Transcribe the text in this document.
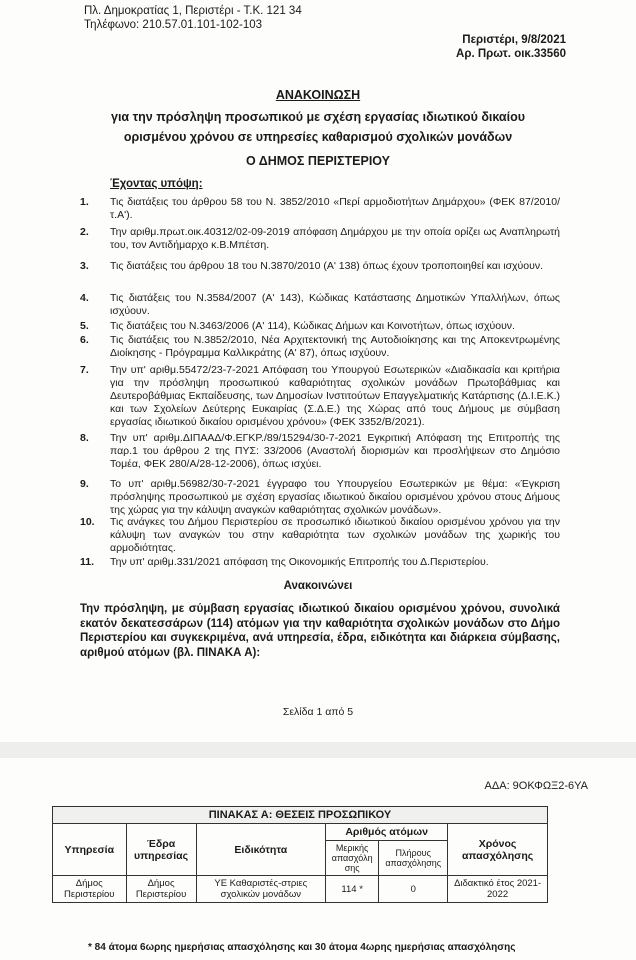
Πλ. Δημοκρατίας 1, Περιστέρι - Τ.Κ. 121 34
Τηλέφωνο: 210.57.01.101-102-103
Περιστέρι, 9/8/2021
Αρ. Πρωτ. οικ.33560
ΑΝΑΚΟΙΝΩΣΗ
για την πρόσληψη προσωπικού με σχέση εργασίας ιδιωτικού δικαίου
ορισμένου χρόνου σε υπηρεσίες καθαρισμού σχολικών μονάδων
Ο ΔΗΜΟΣ ΠΕΡΙΣΤΕΡΙΟΥ
Έχοντας υπόψη:
1.	Τις διατάξεις του άρθρου 58 του Ν. 3852/2010 «Περί αρμοδιοτήτων Δημάρχου» (ΦΕΚ 87/2010/τ.Α').
2.	Την αριθμ.πρωτ.οικ.40312/02-09-2019 απόφαση Δημάρχου με την οποία ορίζει ως Αναπληρωτή του, τον Αντιδήμαρχο κ.Β.Μπέτση.
3.	Τις διατάξεις του άρθρου 18 του Ν.3870/2010 (Α' 138) όπως έχουν τροποποιηθεί και ισχύουν.
4.	Τις διατάξεις του Ν.3584/2007 (Α' 143), Κώδικας Κατάστασης Δημοτικών Υπαλλήλων, όπως ισχύουν.
5.	Τις διατάξεις του Ν.3463/2006 (Α' 114), Κώδικας Δήμων και Κοινοτήτων, όπως ισχύουν.
6.	Τις διατάξεις του Ν.3852/2010, Νέα Αρχιτεκτονική της Αυτοδιοίκησης και της Αποκεντρωμένης Διοίκησης - Πρόγραμμα Καλλικράτης (Α' 87), όπως ισχύουν.
7.	Την υπ' αριθμ.55472/23-7-2021 Απόφαση του Υπουργού Εσωτερικών «Διαδικασία και κριτήρια για την πρόσληψη προσωπικού καθαριότητας σχολικών μονάδων Πρωτοβάθμιας και Δευτεροβάθμιας Εκπαίδευσης, των Δημοσίων Ινστιτούτων Επαγγελματικής Κατάρτισης (Δ.Ι.Ε.Κ.) και των Σχολείων Δεύτερης Ευκαιρίας (Σ.Δ.Ε.) της Χώρας από τους Δήμους με σύμβαση εργασίας ιδιωτικού δικαίου ορισμένου χρόνου» (ΦΕΚ 3352/Β/2021).
8.	Την υπ' αριθμ.ΔΙΠΑΑΔ/Φ.ΕΓΚΡ./89/15294/30-7-2021 Εγκριτική Απόφαση της Επιτροπής της παρ.1 του άρθρου 2 της ΠΥΣ: 33/2006 (Αναστολή διορισμών και προσλήψεων στο Δημόσιο Τομέα, ΦΕΚ 280/Α/28-12-2006), όπως ισχύει.
9.	Το υπ' αριθμ.56982/30-7-2021 έγγραφο του Υπουργείου Εσωτερικών με θέμα: «Έγκριση πρόσληψης προσωπικού με σχέση εργασίας ιδιωτικού δικαίου ορισμένου χρόνου στους Δήμους της χώρας για την κάλυψη αναγκών καθαριότητας σχολικών μονάδων».
10.	Τις ανάγκες του Δήμου Περιστερίου σε προσωπικό ιδιωτικού δικαίου ορισμένου χρόνου για την κάλυψη των αναγκών του στην καθαριότητα των σχολικών μονάδων της χωρικής του αρμοδιότητας.
11.	Την υπ' αριθμ.331/2021 απόφαση της Οικονομικής Επιτροπής του Δ.Περιστερίου.
Ανακοινώνει
Την πρόσληψη, με σύμβαση εργασίας ιδιωτικού δικαίου ορισμένου χρόνου, συνολικά εκατόν δεκατεσσάρων (114) ατόμων για την καθαριότητα σχολικών μονάδων στο Δήμο Περιστερίου και συγκεκριμένα, ανά υπηρεσία, έδρα, ειδικότητα και διάρκεια σύμβασης, αριθμού ατόμων (βλ. ΠΙΝΑΚΑ Α):
Σελίδα 1 από 5
ΑΔΑ: 9ΟΚΦΩΞ2-6ΥΑ
ΠΙΝΑΚΑΣ Α: ΘΕΣΕΙΣ ΠΡΟΣΩΠΙΚΟΥ					
Υπηρεσία	Έδρα υπηρεσίας	Ειδικότητα	Αριθμός ατόμων		Χρόνος απασχόλησης
			Μερικής απασχόλη σης	Πλήρους απασχόλησης	
Δήμος Περιστερίου	Δήμος Περιστερίου	ΥΕ Καθαριστές-στριες σχολικών μονάδων	114 *	0	Διδακτικό έτος 2021-2022
* 84 άτομα 6ωρης ημερήσιας απασχόλησης και 30 άτομα 4ωρης ημερήσιας απασχόλησης
